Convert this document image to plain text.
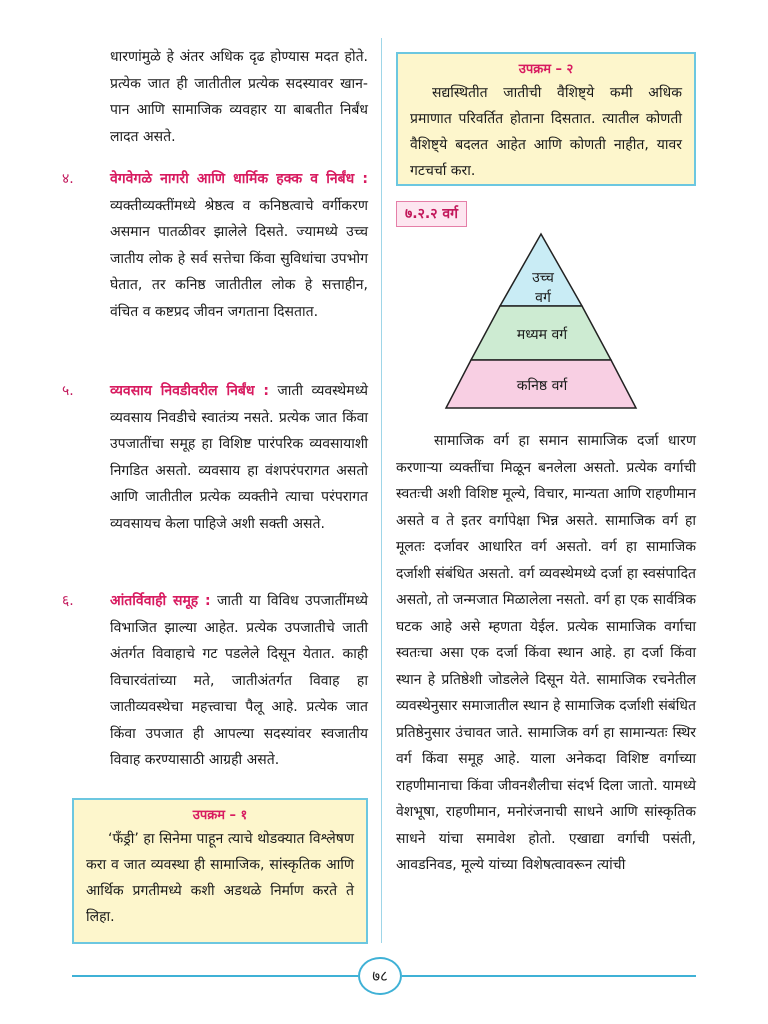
धारणांमुळे हे अंतर अधिक दृढ होण्यास मदत होते. प्रत्येक जात ही जातीतील प्रत्येक सदस्यावर खान-पान आणि सामाजिक व्यवहार या बाबतीत निर्बंध लादत असते.

४.	वेगवेगळे नागरी आणि धार्मिक हक्क व निर्बंध : व्यक्तीव्यक्तींमध्ये श्रेष्ठत्व व कनिष्ठत्वाचे वर्गीकरण असमान पातळीवर झालेले दिसते. ज्यामध्ये उच्च जातीय लोक हे सर्व सत्तेचा किंवा सुविधांचा उपभोग घेतात, तर कनिष्ठ जातीतील लोक हे सत्ताहीन, वंचित व कष्टप्रद जीवन जगताना दिसतात.
५.	व्यवसाय निवडीवरील निर्बंध : जाती व्यवस्थेमध्ये व्यवसाय निवडीचे स्वातंत्र्य नसते. प्रत्येक जात किंवा उपजातींचा समूह हा विशिष्ट पारंपरिक व्यवसायाशी निगडित असतो. व्यवसाय हा वंशपरंपरागत असतो आणि जातीतील प्रत्येक व्यक्तीने त्याचा परंपरागत व्यवसायच केला पाहिजे अशी सक्ती असते.
६.	आंतर्विवाही समूह : जाती या विविध उपजातींमध्ये विभाजित झाल्या आहेत. प्रत्येक उपजातीचे जाती अंतर्गत विवाहाचे गट पडलेले दिसून येतात. काही विचारवंतांच्या मते, जातीअंतर्गत विवाह हा जातीव्यवस्थेचा महत्त्वाचा पैलू आहे. प्रत्येक जात किंवा उपजात ही आपल्या सदस्यांवर स्वजातीय विवाह करण्यासाठी आग्रही असते.
उपक्रम – १

‘फँड्री’ हा सिनेमा पाहून त्याचे थोडक्यात विश्लेषण करा व जात व्यवस्था ही सामाजिक, सांस्कृतिक आणि आर्थिक प्रगतीमध्ये कशी अडथळे निर्माण करते ते लिहा.

उपक्रम – २

सद्यस्थितीत जातीची वैशिष्ट्ये कमी अधिक प्रमाणात परिवर्तित होताना दिसतात. त्यातील कोणती वैशिष्ट्ये बदलत आहेत आणि कोणती नाहीत, यावर गटचर्चा करा.

७.२.२ वर्ग
उच्च
वर्ग
मध्यम वर्ग
कनिष्ठ वर्ग

सामाजिक वर्ग हा समान सामाजिक दर्जा धारण करणाऱ्या व्यक्तींचा मिळून बनलेला असतो. प्रत्येक वर्गाची स्वतःची अशी विशिष्ट मूल्ये, विचार, मान्यता आणि राहणीमान असते व ते इतर वर्गापेक्षा भिन्न असते. सामाजिक वर्ग हा मूलतः दर्जावर आधारित वर्ग असतो. वर्ग हा सामाजिक दर्जाशी संबंधित असतो. वर्ग व्यवस्थेमध्ये दर्जा हा स्वसंपादित असतो, तो जन्मजात मिळालेला नसतो. वर्ग हा एक सार्वत्रिक घटक आहे असे म्हणता येईल. प्रत्येक सामाजिक वर्गाचा स्वतःचा असा एक दर्जा किंवा स्थान आहे. हा दर्जा किंवा स्थान हे प्रतिष्ठेशी जोडलेले दिसून येते. सामाजिक रचनेतील व्यवस्थेनुसार समाजातील स्थान हे सामाजिक दर्जाशी संबंधित प्रतिष्ठेनुसार उंचावत जाते. सामाजिक वर्ग हा सामान्यतः स्थिर वर्ग किंवा समूह आहे. याला अनेकदा विशिष्ट वर्गाच्या राहणीमानाचा किंवा जीवनशैलीचा संदर्भ दिला जातो. यामध्ये वेशभूषा, राहणीमान, मनोरंजनाची साधने आणि सांस्कृतिक साधने यांचा समावेश होतो. एखाद्या वर्गाची पसंती, आवडनिवड, मूल्ये यांच्या विशेषत्वावरून त्यांची

७८
